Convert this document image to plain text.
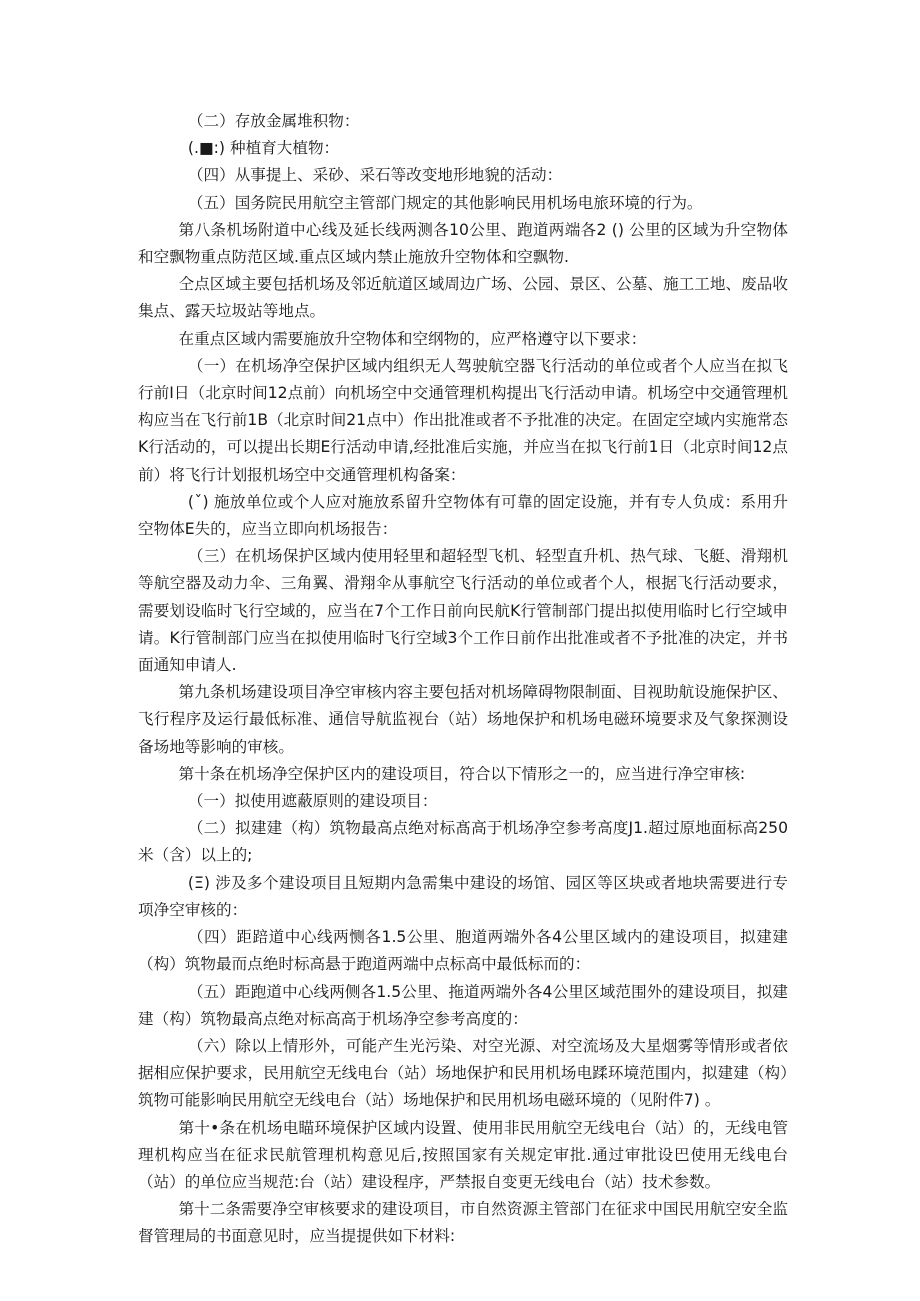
（二）存放金属堆积物：

(.■:) 种植育大植物：

（四）从事提上、采砂、采石等改变地形地貌的活动：

（五）国务院民用航空主管部门规定的其他影响民用机场电旅环境的行为。

第八条机场附道中心线及延长线两测各10公里、跑道两端各2 () 公里的区域为升空物体和空飘物重点防范区域.重点区域内禁止施放升空物体和空飘物.

仝点区域主要包括机场及邻近航道区域周边广场、公园、景区、公墓、施工工地、废品收集点、露天垃圾站等地点。

在重点区域内需要施放升空物体和空纲物的，应严格遵守以下要求：

（一）在机场净空保护区域内组织无人驾驶航空器飞行活动的单位或者个人应当在拟飞行前I日（北京时间12点前）向机场空中交通管理机构提出飞行活动申请。机场空中交通管理机构应当在飞行前1B（北京时间21点中）作出批准或者不予批准的决定。在固定空域内实施常态K行活动的，可以提出长期E行活动申请,经批准后实施，并应当在拟飞行前1日（北京时间12点前）将飞行计划报机场空中交通管理机构备案：

(ˇ) 施放单位或个人应对施放系留升空物体有可靠的固定设施，并有专人负成：系用升空物体E失的，应当立即向机场报告：

（三）在机场保护区域内使用轻里和超轻型飞机、轻型直升机、热气球、飞艇、滑翔机等航空器及动力伞、三角翼、滑翔伞从事航空飞行活动的单位或者个人，根据飞行活动要求，需要划设临时飞行空域的，应当在7个工作日前向民航K行管制部门提出拟使用临时匕行空域申请。K行管制部门应当在拟使用临时飞行空域3个工作日前作出批准或者不予批准的决定，并书面通知申请人.

第九条机场建设项目净空审核内容主要包括对机场障碍物限制面、目视助航设施保护区、飞行程序及运行最低标准、通信导航监视台（站）场地保护和机场电磁环境要求及气象探测设备场地等影响的审核。

第十条在机场净空保护区内的建设项目，符合以下情形之一的，应当进行净空审核:

（一）拟使用遮蔽原则的建设项目：

（二）拟建建（构）筑物最高点绝对标髙高于机场净空参考高度J1.超过原地面标高250米（含）以上的;

(Ξ) 涉及多个建设项目且短期内急需集中建设的场馆、园区等区块或者地块需要进行专项净空审核的：

（四）距踣道中心线两恻各1.5公里、胞道两端外各4公里区域内的建设项目，拟建建（构）筑物最而点绝时标高悬于跑道两端中点标高中最低标而的：

（五）距跑道中心线两侧各1.5公里、拖道两端外各4公里区域范围外的建设项目，拟建建（构）筑物最高点绝对标高高于机场净空参考高度的：

（六）除以上情形外，可能产生光污染、对空光源、对空流场及大星烟雾等情形或者依据相应保护要求，民用航空无线电台（站）场地保护和民用机场电蹂环境范围内，拟建建（构）筑物可能影响民用航空无线电台（站）场地保护和民用机场电磁环境的（见附件7) 。

第十•条在机场电瞄环境保护区域内设置、使用非民用航空无线电台（站）的，无线电管理机构应当在征求民航管理机构意见后,按照国家有关规定审批.通过审批设巴使用无线电台（站）的单位应当规范:台（站）建设程序，严禁报自变更无线电台（站）技术参数。

第十二条需要净空审核要求的建设项目，市自然资源主管部门在征求中国民用航空安全监督管理局的书面意见时，应当提提供如下材料:
